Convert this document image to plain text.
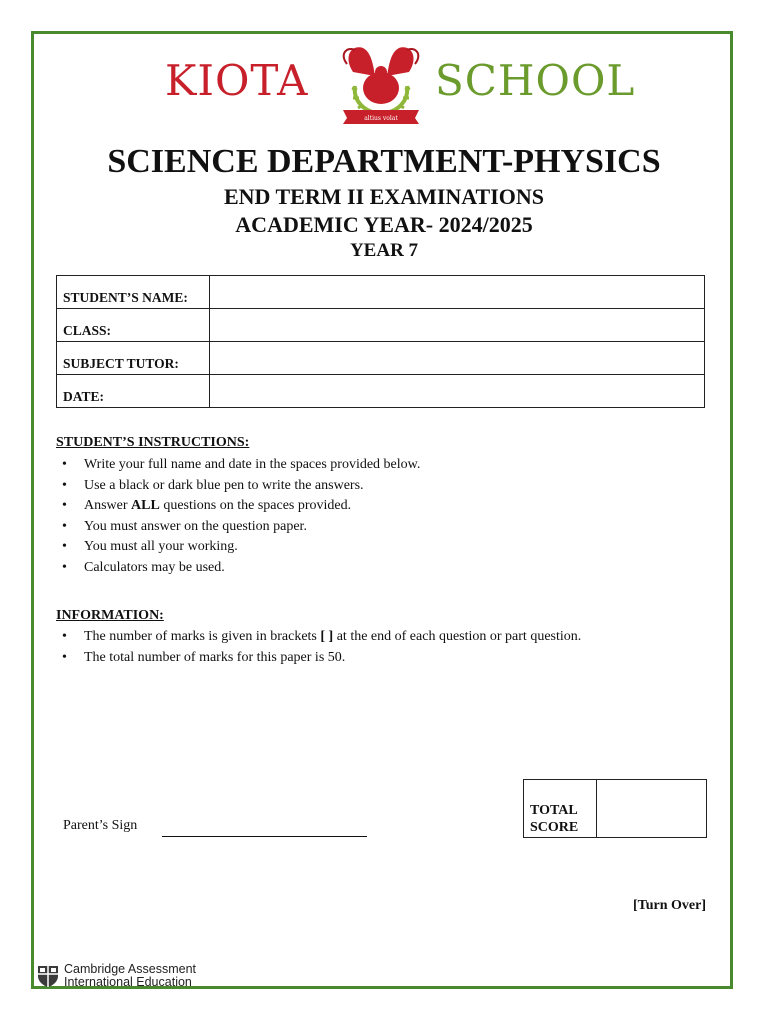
KIOTA
altius volat
SCHOOL
SCIENCE DEPARTMENT-PHYSICS
END TERM II EXAMINATIONS
ACADEMIC YEAR- 2024/2025
YEAR 7
STUDENT’S NAME:	
CLASS:	
SUBJECT TUTOR:	
DATE:	
STUDENT’S INSTRUCTIONS:
• Write your full name and date in the spaces provided below.
• Use a black or dark blue pen to write the answers.
• Answer ALL questions on the spaces provided.
• You must answer on the question paper.
• You must all your working.
• Calculators may be used.
INFORMATION:
• The number of marks is given in brackets [ ] at the end of each question or part question.
• The total number of marks for this paper is 50.
Parent’s Sign
TOTAL
SCORE	
[Turn Over]
Cambridge Assessment
International Education
